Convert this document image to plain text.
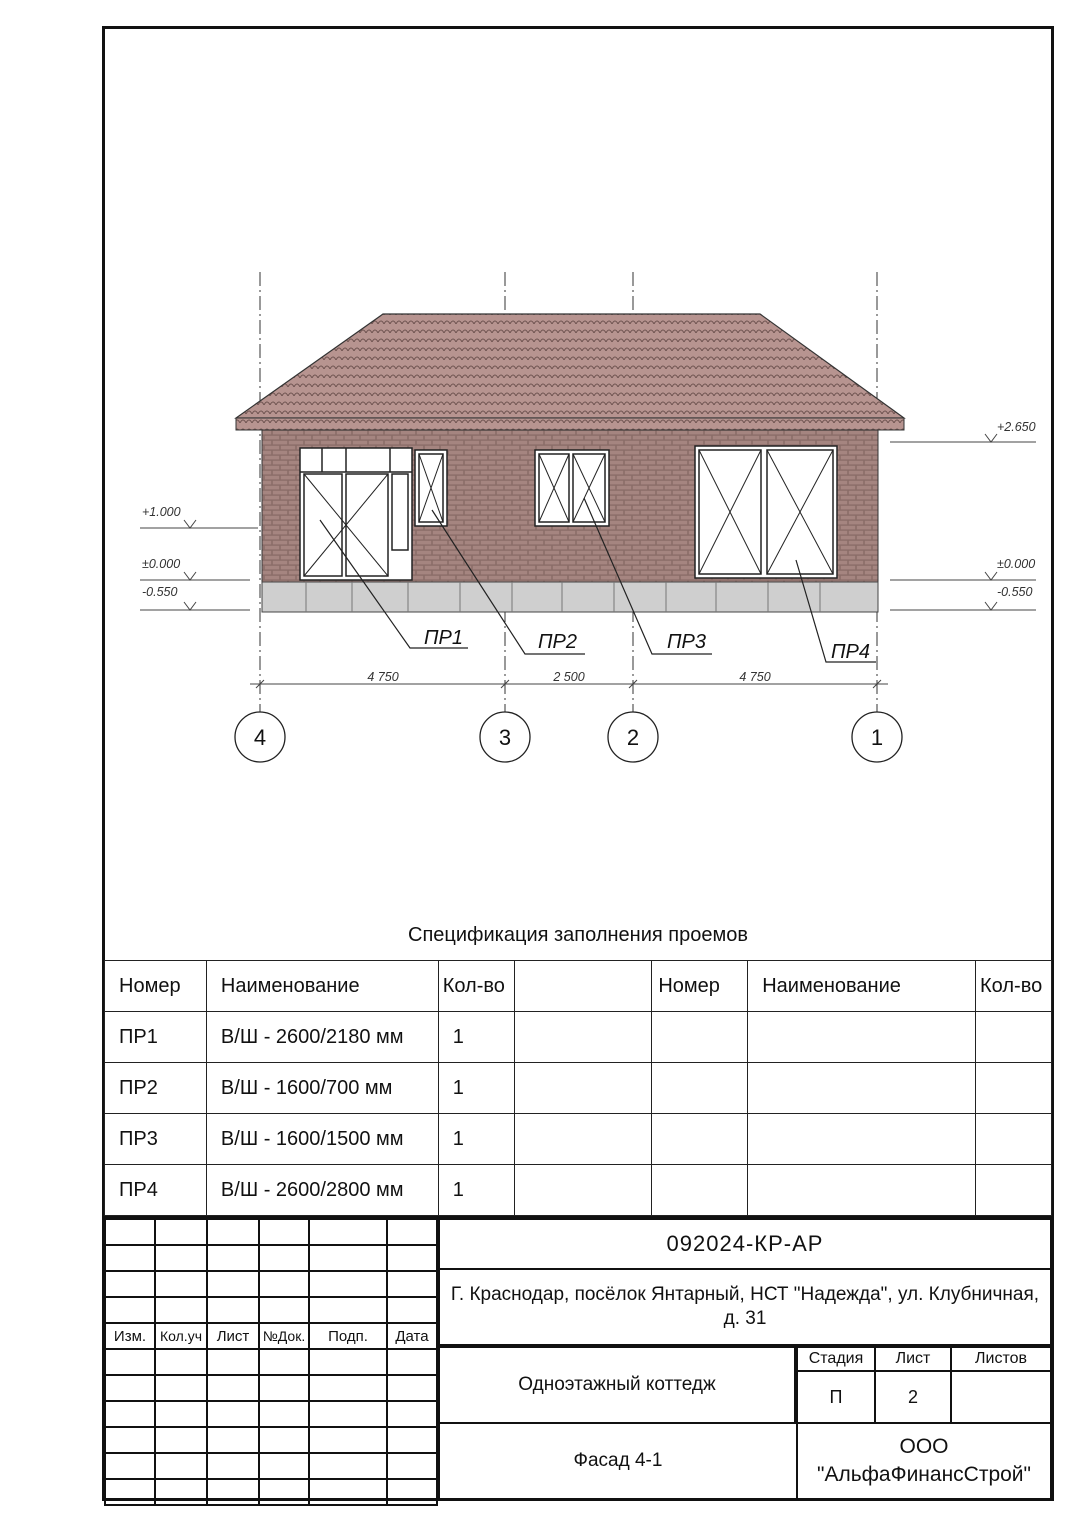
+2.650
+1.000
±0.000
-0.550
±0.000
-0.550
ПР1	ПР2	ПР3	ПР4
4 750	2 500	4 750
4	3	2	1
Спецификация заполнения проемов
Номер	Наименование	Кол-во		Номер	Наименование	Кол-во
ПР1	В/Ш - 2600/2180 мм	1				
ПР2	В/Ш - 1600/700 мм	1				
ПР3	В/Ш - 1600/1500 мм	1				
ПР4	В/Ш - 2600/2800 мм	1				

Изм.	Кол.уч	Лист	№Док.	Подп.	Дата

092024-КР-АР
Г. Краснодар, посёлок Янтарный, НСТ "Надежда", ул. Клубничная, д. 31
Одноэтажный коттедж
Стадия	Лист	Листов
П	2
Фасад 4-1
ООО
"АльфаФинансСтрой"
